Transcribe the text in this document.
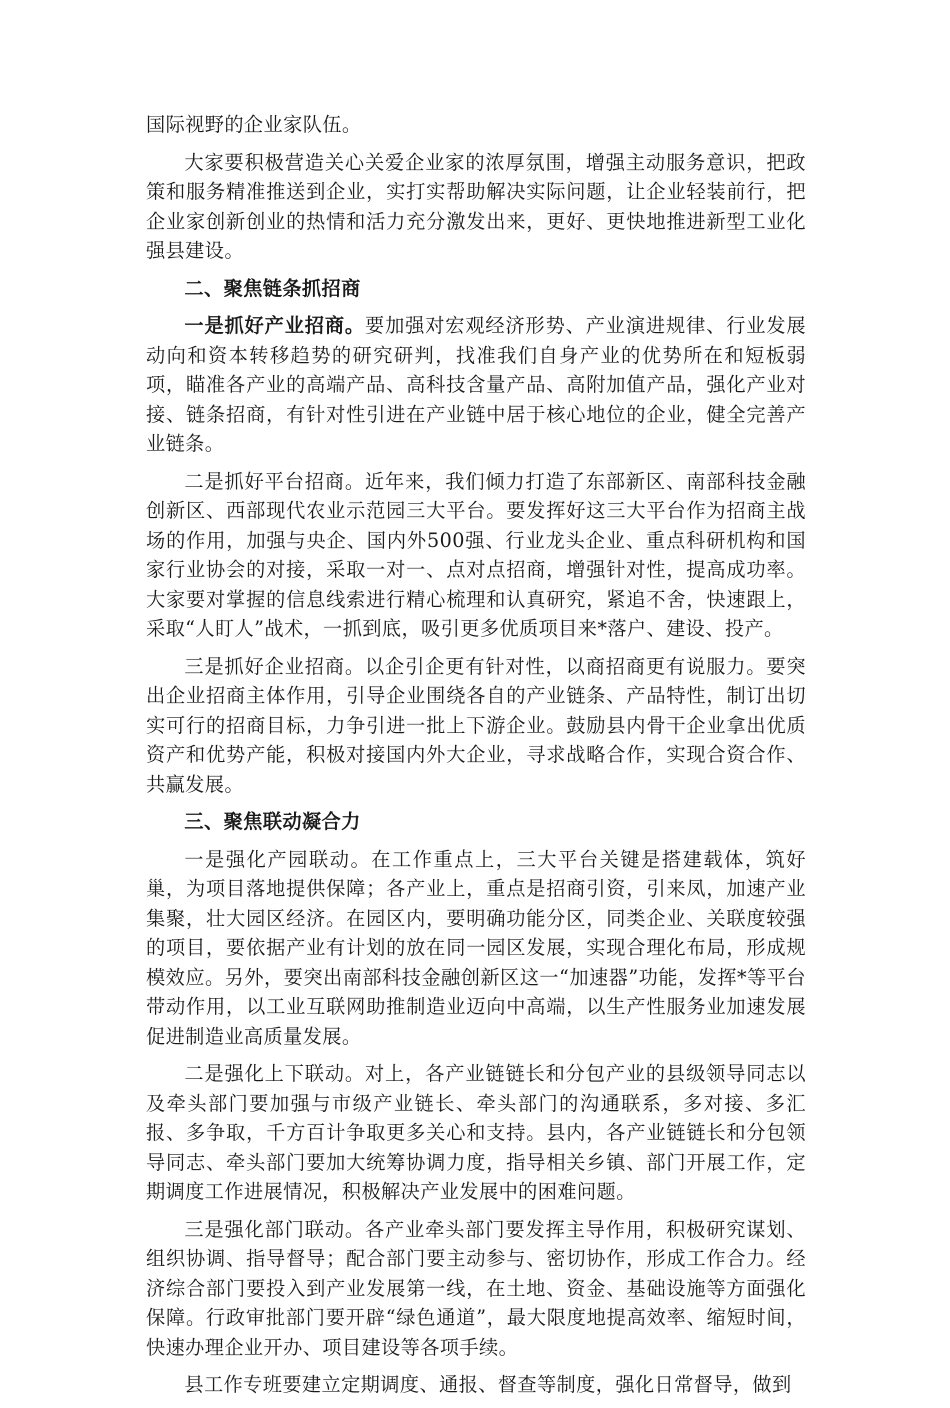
国际视野的企业家队伍。

大家要积极营造关心关爱企业家的浓厚氛围，增强主动服务意识，把政策和服务精准推送到企业，实打实帮助解决实际问题，让企业轻装前行，把企业家创新创业的热情和活力充分激发出来，更好、更快地推进新型工业化强县建设。

二、聚焦链条抓招商

一是抓好产业招商。要加强对宏观经济形势、产业演进规律、行业发展动向和资本转移趋势的研究研判，找准我们自身产业的优势所在和短板弱项，瞄准各产业的高端产品、高科技含量产品、高附加值产品，强化产业对接、链条招商，有针对性引进在产业链中居于核心地位的企业，健全完善产业链条。

二是抓好平台招商。近年来，我们倾力打造了东部新区、南部科技金融创新区、西部现代农业示范园三大平台。要发挥好这三大平台作为招商主战场的作用，加强与央企、国内外500强、行业龙头企业、重点科研机构和国家行业协会的对接，采取一对一、点对点招商，增强针对性，提高成功率。大家要对掌握的信息线索进行精心梳理和认真研究，紧追不舍，快速跟上，采取“人盯人”战术，一抓到底，吸引更多优质项目来*落户、建设、投产。

三是抓好企业招商。以企引企更有针对性，以商招商更有说服力。要突出企业招商主体作用，引导企业围绕各自的产业链条、产品特性，制订出切实可行的招商目标，力争引进一批上下游企业。鼓励县内骨干企业拿出优质资产和优势产能，积极对接国内外大企业，寻求战略合作，实现合资合作、共赢发展。

三、聚焦联动凝合力

一是强化产园联动。在工作重点上，三大平台关键是搭建载体，筑好巢，为项目落地提供保障；各产业上，重点是招商引资，引来凤，加速产业集聚，壮大园区经济。在园区内，要明确功能分区，同类企业、关联度较强的项目，要依据产业有计划的放在同一园区发展，实现合理化布局，形成规模效应。另外，要突出南部科技金融创新区这一“加速器”功能，发挥*等平台带动作用，以工业互联网助推制造业迈向中高端，以生产性服务业加速发展促进制造业高质量发展。

二是强化上下联动。对上，各产业链链长和分包产业的县级领导同志以及牵头部门要加强与市级产业链长、牵头部门的沟通联系，多对接、多汇报、多争取，千方百计争取更多关心和支持。县内，各产业链链长和分包领导同志、牵头部门要加大统筹协调力度，指导相关乡镇、部门开展工作，定期调度工作进展情况，积极解决产业发展中的困难问题。

三是强化部门联动。各产业牵头部门要发挥主导作用，积极研究谋划、组织协调、指导督导；配合部门要主动参与、密切协作，形成工作合力。经济综合部门要投入到产业发展第一线，在土地、资金、基础设施等方面强化保障。行政审批部门要开辟“绿色通道”，最大限度地提高效率、缩短时间，快速办理企业开办、项目建设等各项手续。

县工作专班要建立定期调度、通报、督查等制度，强化日常督导，做到
